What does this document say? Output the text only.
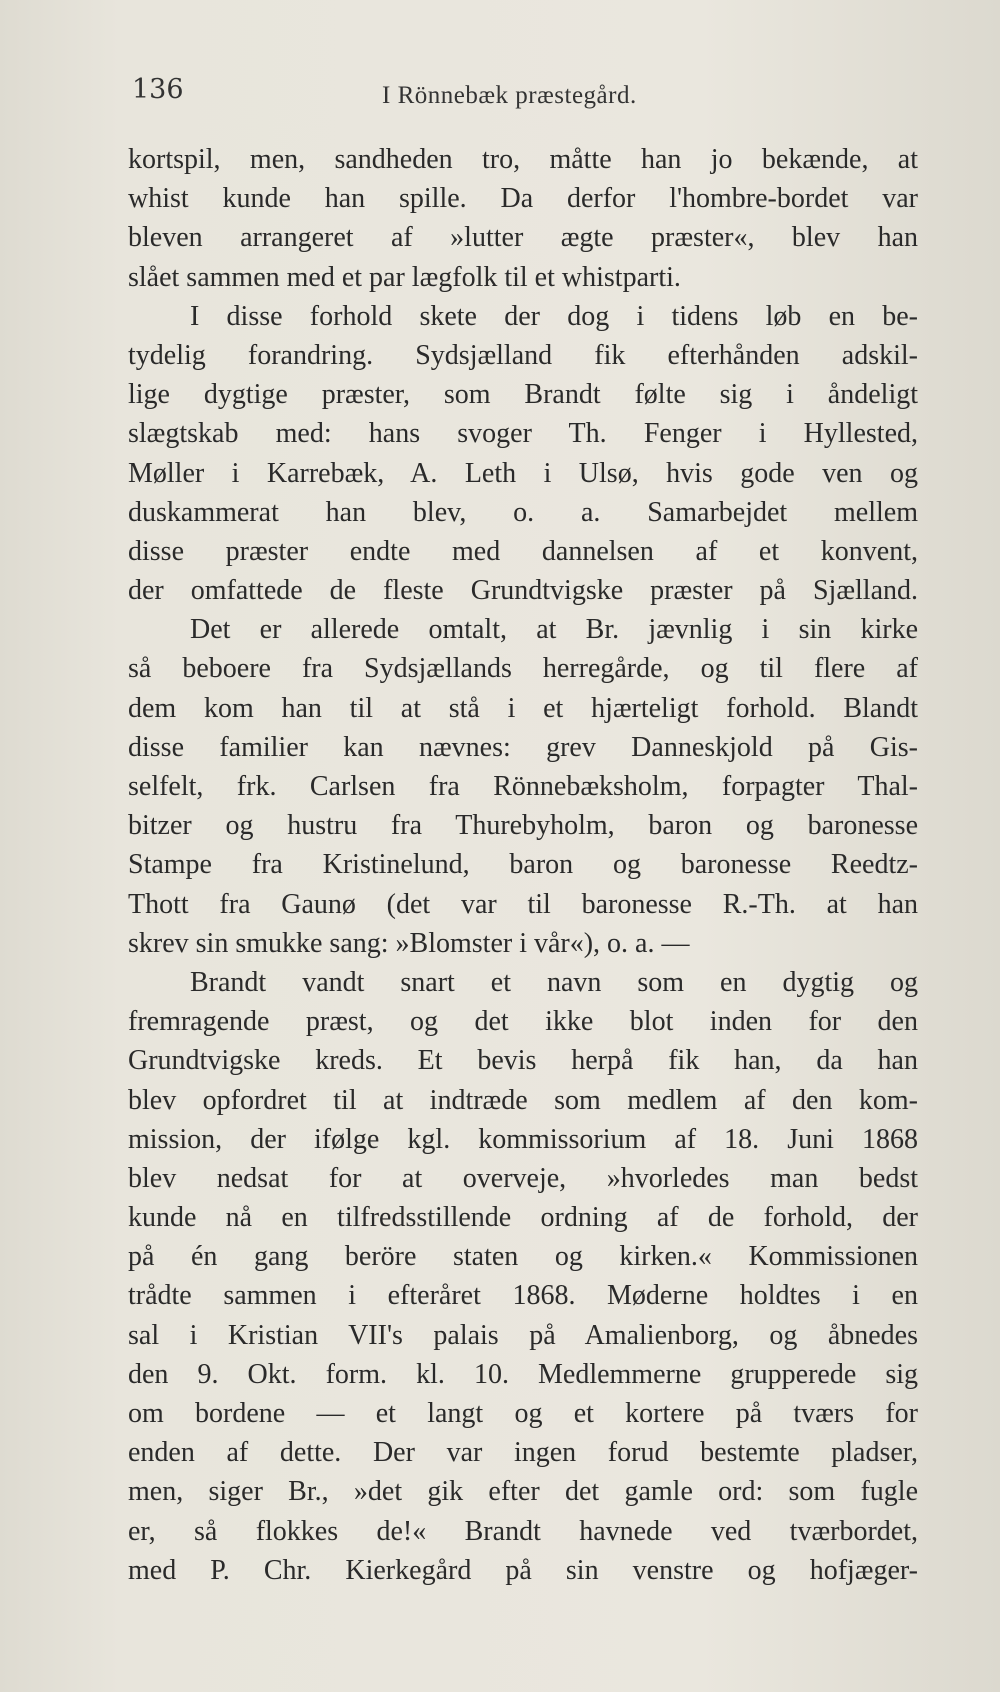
136	I Rönnebæk præstegård.
kortspil, men, sandheden tro, måtte han jo bekænde, at
whist kunde han spille. Da derfor l'hombre-bordet var
bleven arrangeret af »lutter ægte præster«, blev han
slået sammen med et par lægfolk til et whistparti.
I disse forhold skete der dog i tidens løb en be-
tydelig forandring. Sydsjælland fik efterhånden adskil-
lige dygtige præster, som Brandt følte sig i åndeligt
slægtskab med: hans svoger Th. Fenger i Hyllested,
Møller i Karrebæk, A. Leth i Ulsø, hvis gode ven og
duskammerat han blev, o. a. Samarbejdet mellem
disse præster endte med dannelsen af et konvent,
der omfattede de fleste Grundtvigske præster på Sjælland.
Det er allerede omtalt, at Br. jævnlig i sin kirke
så beboere fra Sydsjællands herregårde, og til flere af
dem kom han til at stå i et hjærteligt forhold. Blandt
disse familier kan nævnes: grev Danneskjold på Gis-
selfelt, frk. Carlsen fra Rönnebæksholm, forpagter Thal-
bitzer og hustru fra Thurebyholm, baron og baronesse
Stampe fra Kristinelund, baron og baronesse Reedtz-
Thott fra Gaunø (det var til baronesse R.-Th. at han
skrev sin smukke sang: »Blomster i vår«), o. a. —
Brandt vandt snart et navn som en dygtig og
fremragende præst, og det ikke blot inden for den
Grundtvigske kreds. Et bevis herpå fik han, da han
blev opfordret til at indtræde som medlem af den kom-
mission, der ifølge kgl. kommissorium af 18. Juni 1868
blev nedsat for at overveje, »hvorledes man bedst
kunde nå en tilfredsstillende ordning af de forhold, der
på én gang beröre staten og kirken.« Kommissionen
trådte sammen i efteråret 1868. Møderne holdtes i en
sal i Kristian VII's palais på Amalienborg, og åbnedes
den 9. Okt. form. kl. 10. Medlemmerne grupperede sig
om bordene — et langt og et kortere på tværs for
enden af dette. Der var ingen forud bestemte pladser,
men, siger Br., »det gik efter det gamle ord: som fugle
er, så flokkes de!« Brandt havnede ved tværbordet,
med P. Chr. Kierkegård på sin venstre og hofjæger-
